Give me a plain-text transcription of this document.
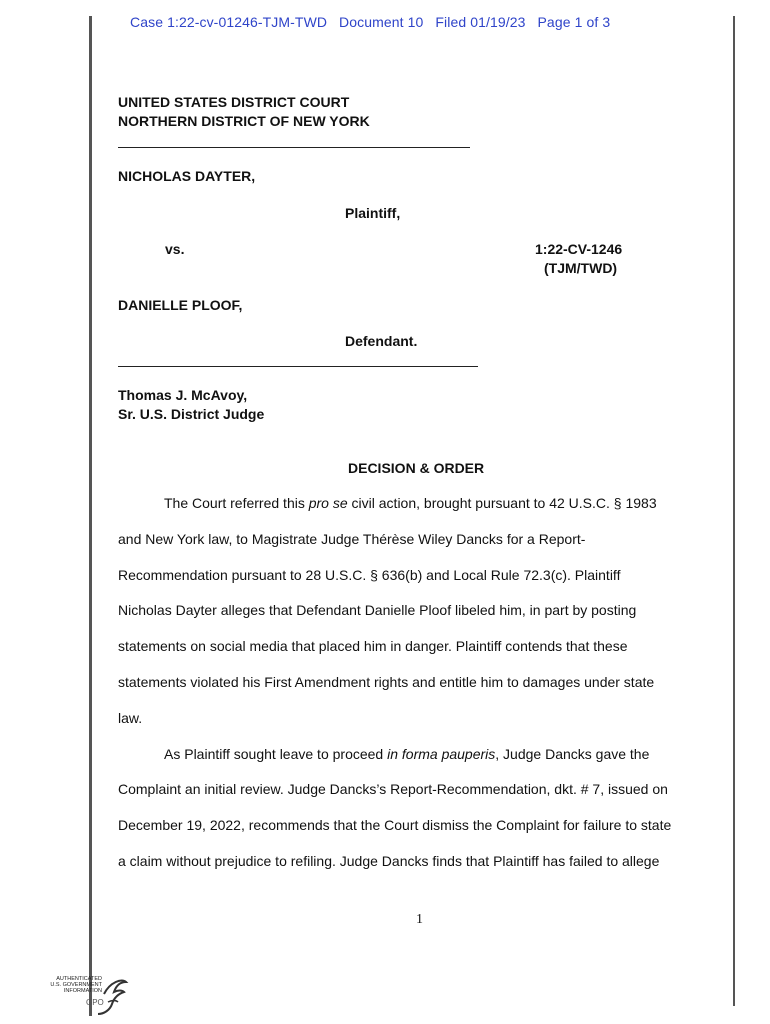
Case 1:22-cv-01246-TJM-TWD   Document 10   Filed 01/19/23   Page 1 of 3
UNITED STATES DISTRICT COURT
NORTHERN DISTRICT OF NEW YORK
NICHOLAS DAYTER,
Plaintiff,
vs.	1:22-CV-1246
(TJM/TWD)
DANIELLE PLOOF,
Defendant.
Thomas J. McAvoy,
Sr. U.S. District Judge
DECISION & ORDER
The Court referred this pro se civil action, brought pursuant to 42 U.S.C. § 1983
and New York law, to Magistrate Judge Thérèse Wiley Dancks for a Report-
Recommendation pursuant to 28 U.S.C. § 636(b) and Local Rule 72.3(c). Plaintiff
Nicholas Dayter alleges that Defendant Danielle Ploof libeled him, in part by posting
statements on social media that placed him in danger. Plaintiff contends that these
statements violated his First Amendment rights and entitle him to damages under state
law.
As Plaintiff sought leave to proceed in forma pauperis, Judge Dancks gave the
Complaint an initial review. Judge Dancks’s Report-Recommendation, dkt. # 7, issued on
December 19, 2022, recommends that the Court dismiss the Complaint for failure to state
a claim without prejudice to refiling. Judge Dancks finds that Plaintiff has failed to allege
1
AUTHENTICATED
U.S. GOVERNMENT
INFORMATION
GPO
